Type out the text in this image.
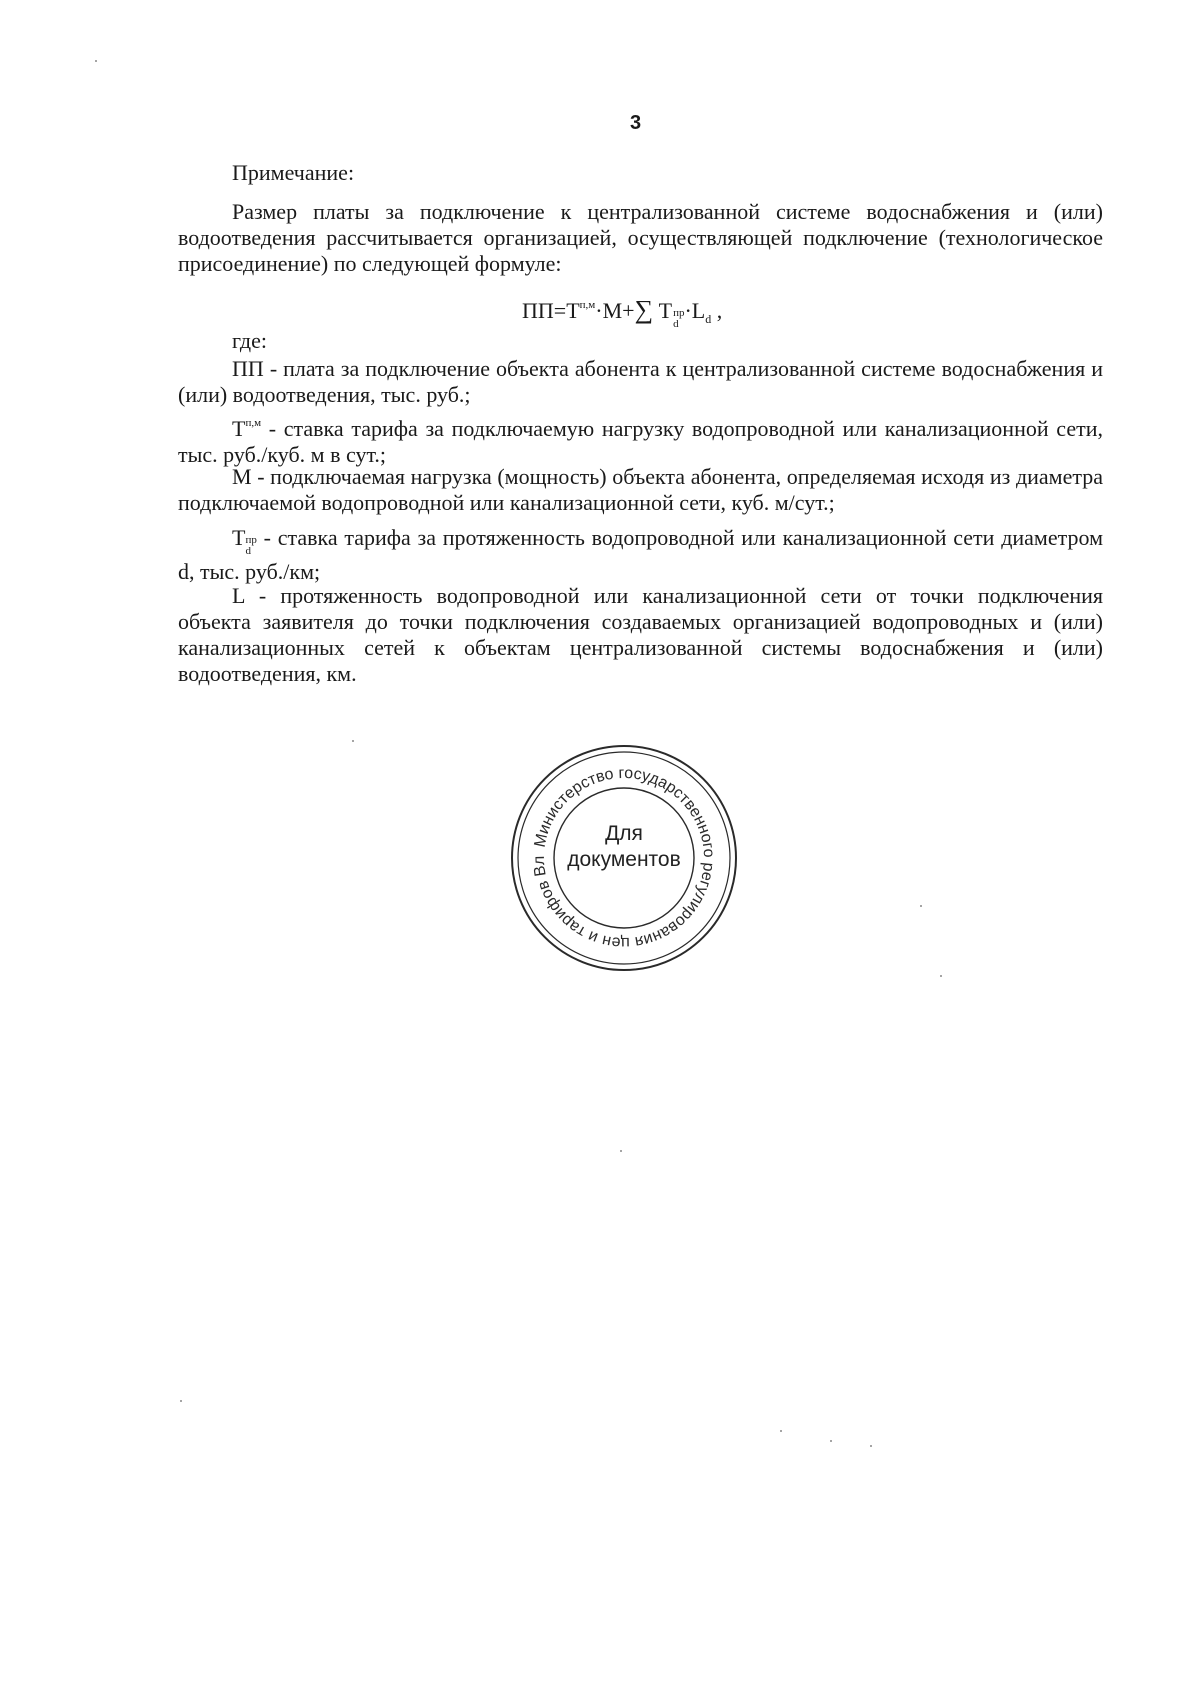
3
Примечание:
Размер платы за подключение к централизованной системе водоснабжения и (или) водоотведения рассчитывается организацией, осуществляющей подключение (технологическое присоединение) по следующей формуле:
$ПП=Т^{п,м}\cdot М+\sum$ Т пр
d
$\cdot L_d$ ,
где:
ПП - плата за подключение объекта абонента к централизованной системе водоснабжения и (или) водоотведения, тыс. руб.;
$Т^{п,м}$ - ставка тарифа за подключаемую нагрузку водопроводной или канализационной сети, тыс. руб./куб. м в сут.;
М - подключаемая нагрузка (мощность) объекта абонента, определяемая исходя из диаметра подключаемой водопроводной или канализационной сети, куб. м/сут.;
Т пр
d
- ставка тарифа за протяженность водопроводной или канализационной сети диаметром d, тыс. руб./км;
L - протяженность водопроводной или канализационной сети от точки подключения объекта заявителя до точки подключения создаваемых организацией водопроводных и (или) канализационных сетей к объектам централизованной системы водоснабжения и (или) водоотведения, км.
Министерство государственного регулирования цен и тарифов Вл
Для
документов
